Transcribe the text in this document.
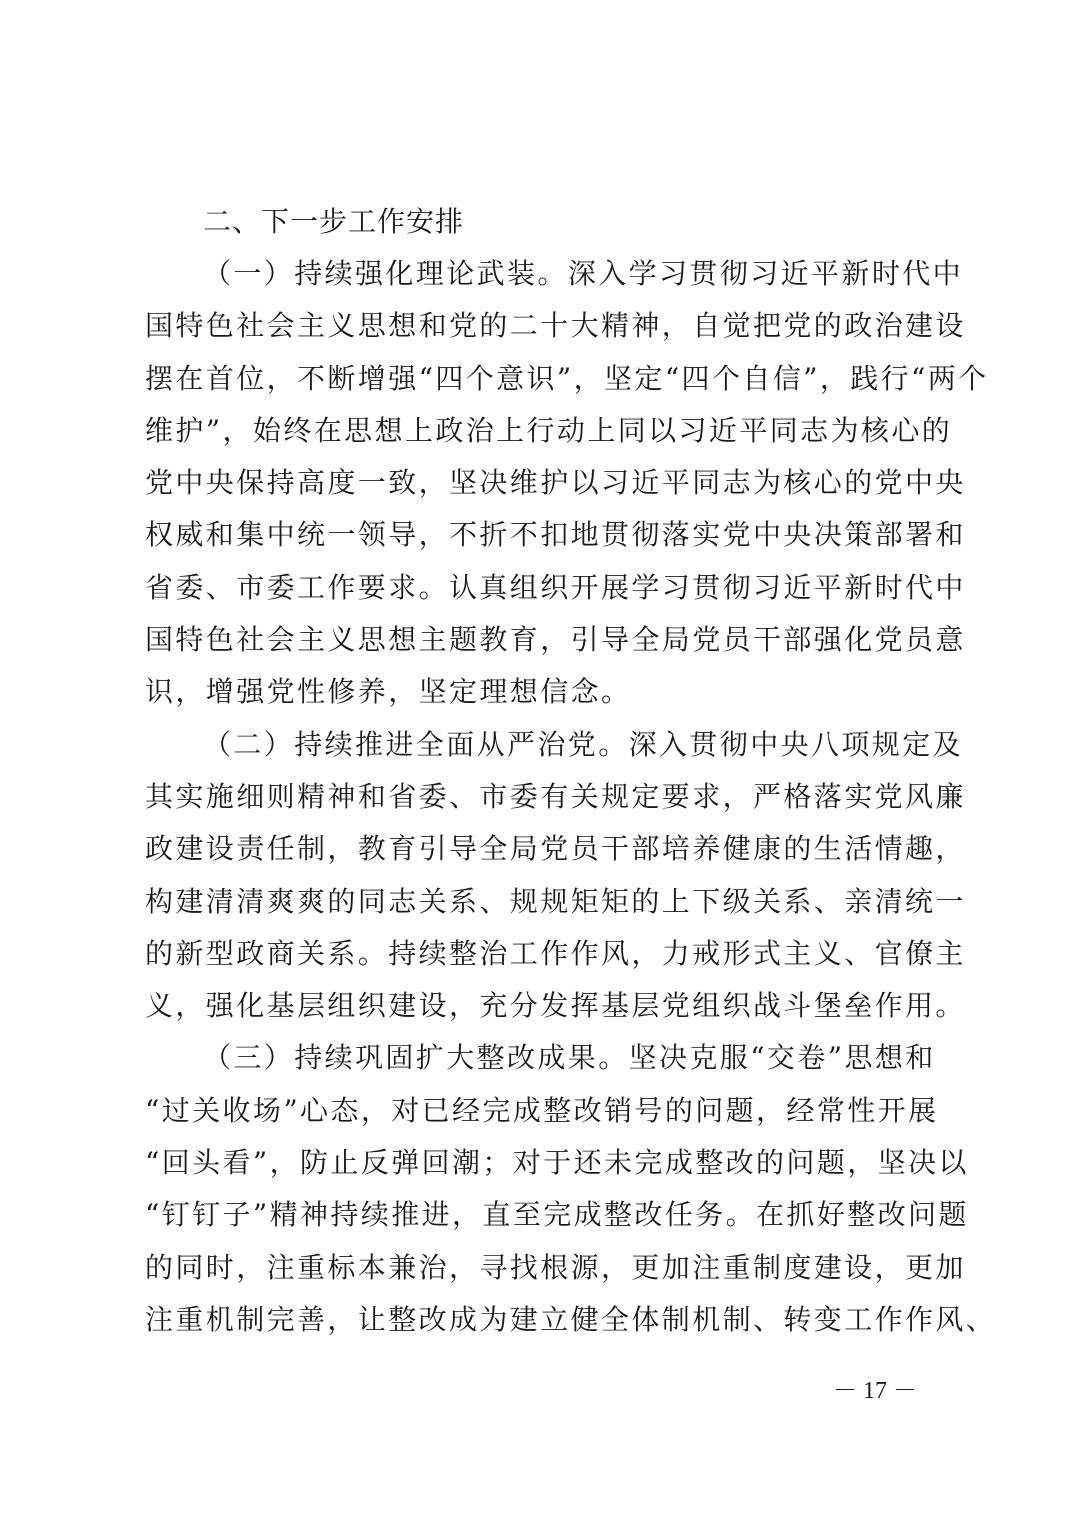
二、下一步工作安排

（一）持续强化理论武装。深入学习贯彻习近平新时代中
国特色社会主义思想和党的二十大精神，自觉把党的政治建设
摆在首位，不断增强“四个意识”，坚定“四个自信”，践行“两个
维护”，始终在思想上政治上行动上同以习近平同志为核心的
党中央保持高度一致，坚决维护以习近平同志为核心的党中央
权威和集中统一领导，不折不扣地贯彻落实党中央决策部署和
省委、市委工作要求。认真组织开展学习贯彻习近平新时代中
国特色社会主义思想主题教育，引导全局党员干部强化党员意
识，增强党性修养，坚定理想信念。

（二）持续推进全面从严治党。深入贯彻中央八项规定及
其实施细则精神和省委、市委有关规定要求，严格落实党风廉
政建设责任制，教育引导全局党员干部培养健康的生活情趣，
构建清清爽爽的同志关系、规规矩矩的上下级关系、亲清统一
的新型政商关系。持续整治工作作风，力戒形式主义、官僚主
义，强化基层组织建设，充分发挥基层党组织战斗堡垒作用。

（三）持续巩固扩大整改成果。坚决克服“交卷”思想和
“过关收场”心态，对已经完成整改销号的问题，经常性开展
“回头看”，防止反弹回潮；对于还未完成整改的问题，坚决以
“钉钉子”精神持续推进，直至完成整改任务。在抓好整改问题
的同时，注重标本兼治，寻找根源，更加注重制度建设，更加
注重机制完善，让整改成为建立健全体制机制、转变工作作风、

－ 17 －
